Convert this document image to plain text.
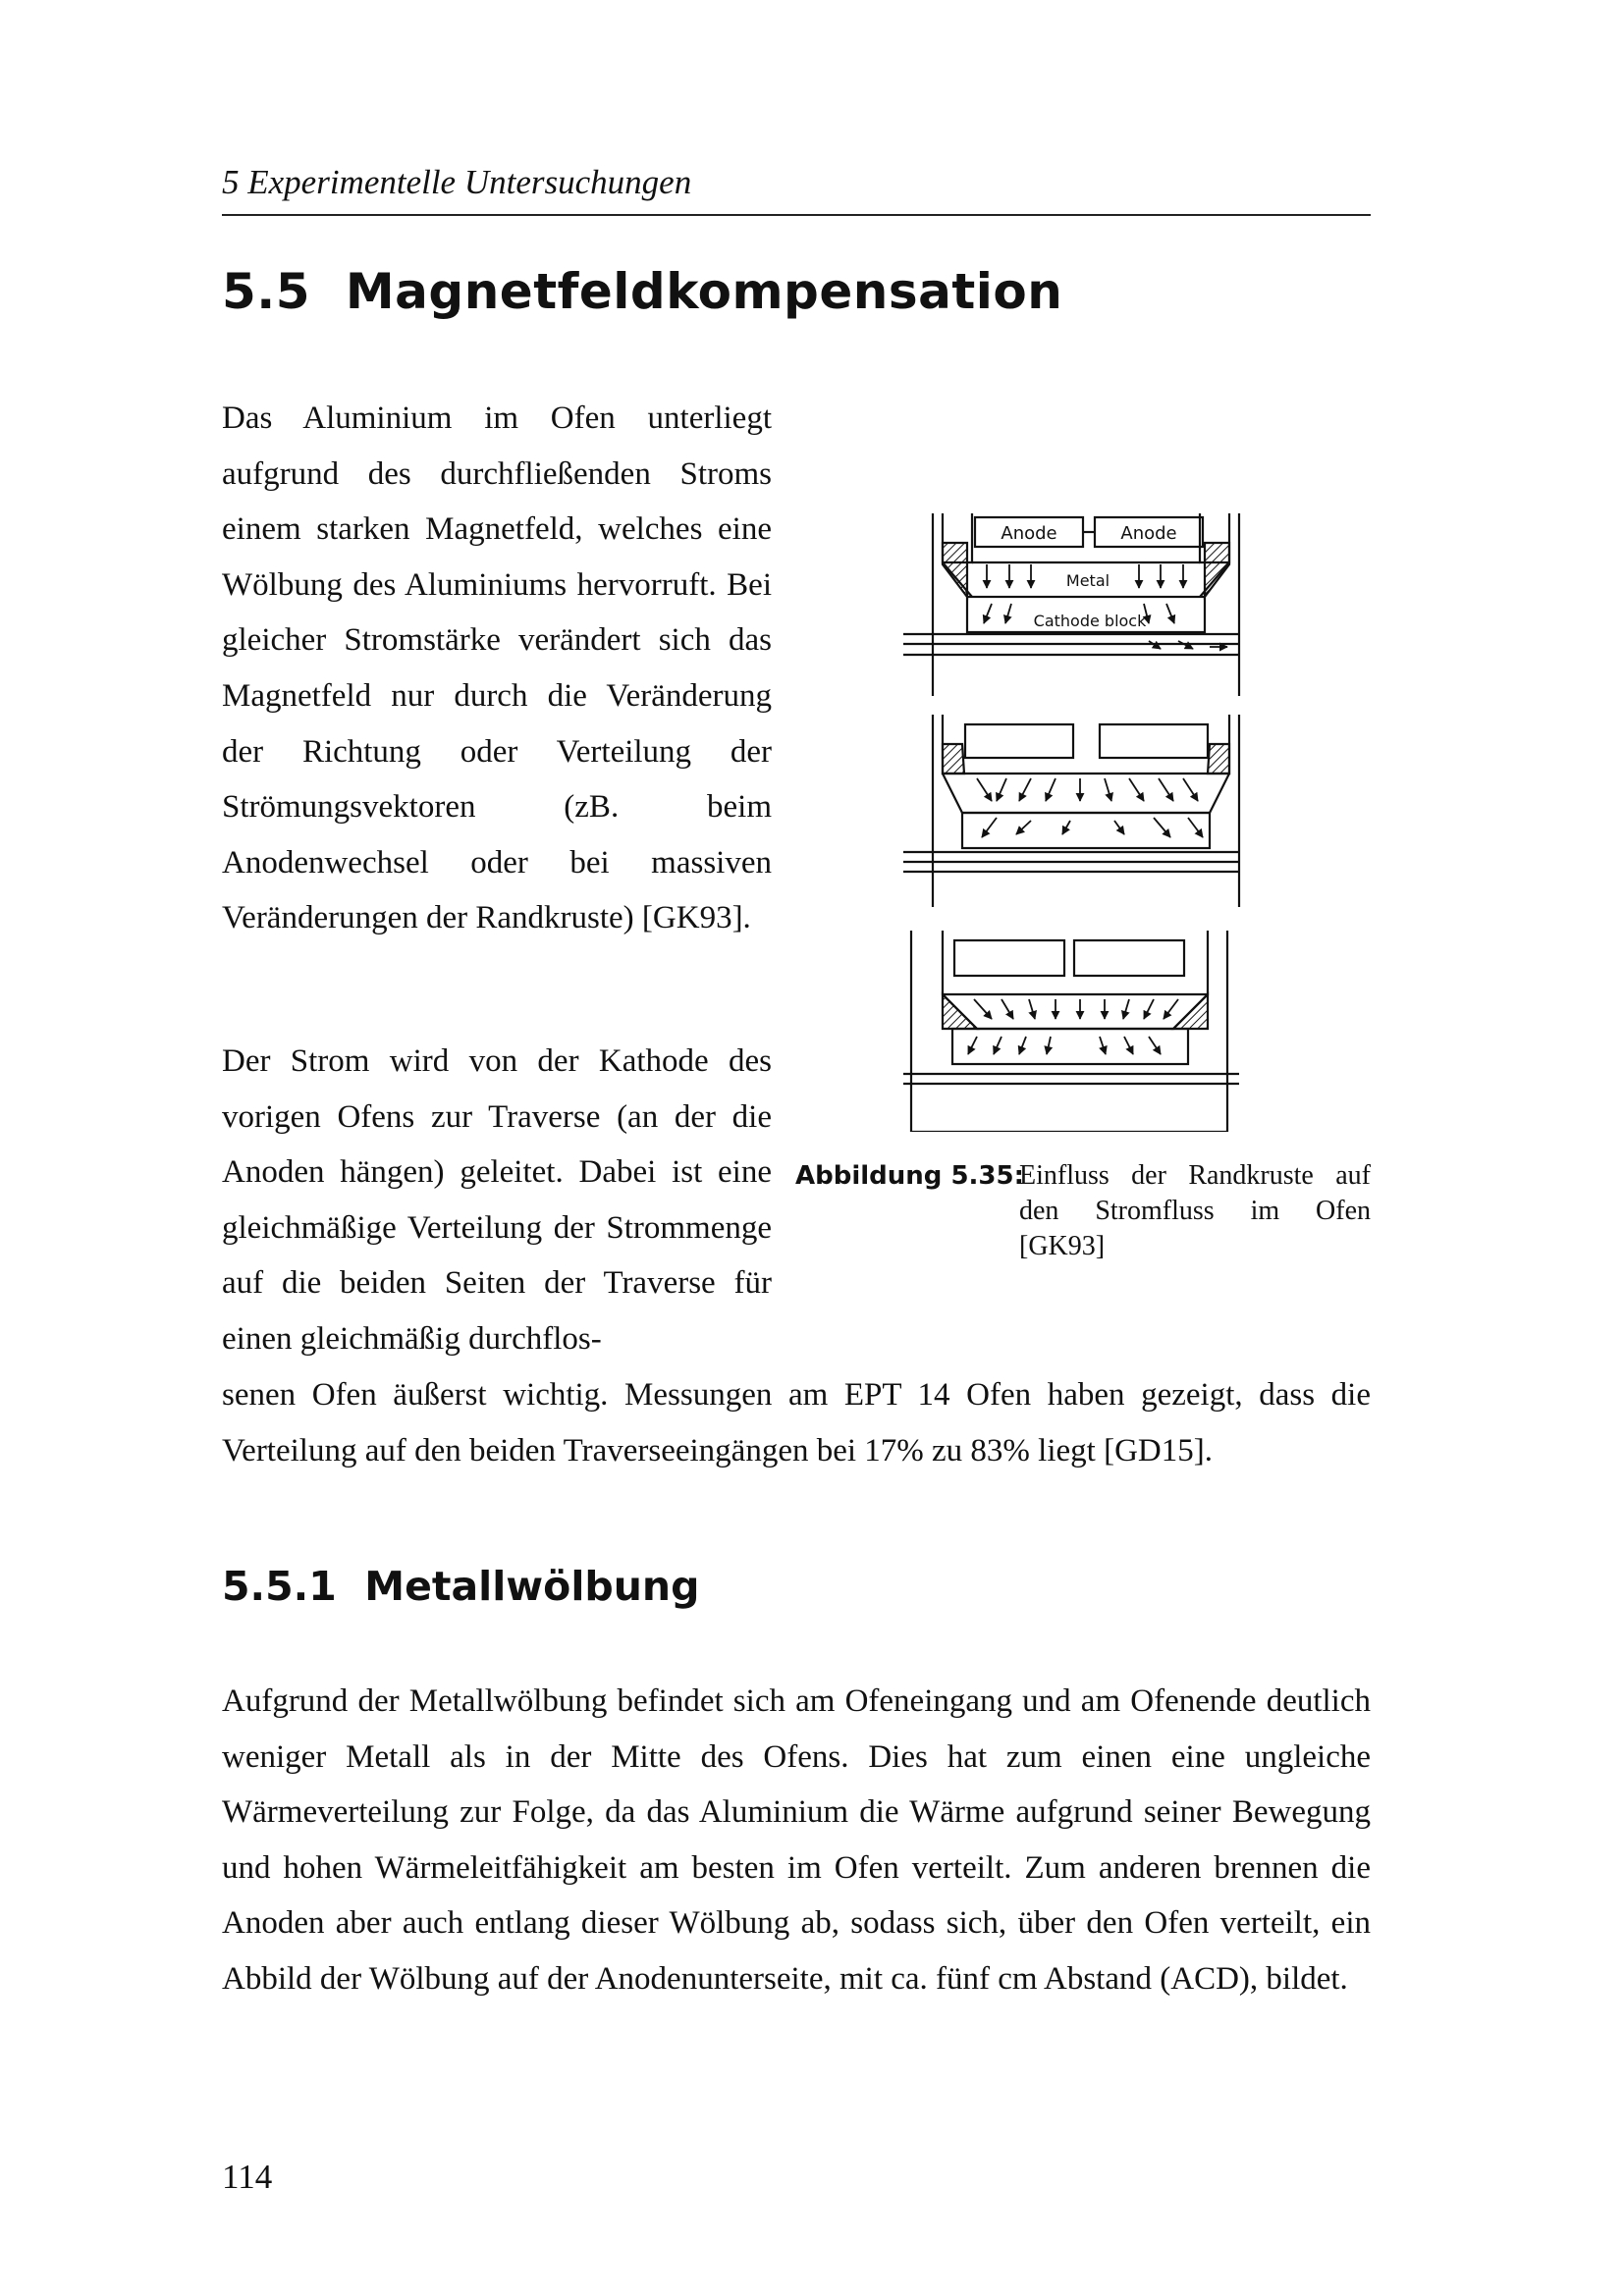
5 Experimentelle Untersuchungen
5.5 Magnetfeldkompensation

Das Aluminium im Ofen unterliegt aufgrund des durchfließenden Stroms einem starken Magnetfeld, welches eine Wölbung des Aluminiums hervorruft. Bei gleicher Stromstärke verändert sich das Magnetfeld nur durch die Veränderung der Richtung oder Verteilung der Strömungsvektoren (zB. beim Anodenwechsel oder bei massiven Veränderungen der Randkruste) [GK93].

Der Strom wird von der Kathode des vorigen Ofens zur Traverse (an der die Anoden hängen) geleitet. Dabei ist eine gleichmäßige Verteilung der Strommenge auf die beiden Seiten der Traverse für einen gleichmäßig durchflos-

senen Ofen äußerst wichtig. Messungen am EPT 14 Ofen haben gezeigt, dass die Verteilung auf den beiden Traverseeingängen bei 17% zu 83% liegt [GD15].

Anode	Anode
Metal
Cathode block
Abbildung 5.35:
Einfluss der Randkruste auf den Stromfluss im Ofen [GK93]
5.5.1 Metallwölbung

Aufgrund der Metallwölbung befindet sich am Ofeneingang und am Ofenende deutlich weniger Metall als in der Mitte des Ofens. Dies hat zum einen eine ungleiche Wärmeverteilung zur Folge, da das Aluminium die Wärme aufgrund seiner Bewegung und hohen Wärmeleitfähigkeit am besten im Ofen verteilt. Zum anderen brennen die Anoden aber auch entlang dieser Wölbung ab, sodass sich, über den Ofen verteilt, ein Abbild der Wölbung auf der Anodenunterseite, mit ca. fünf cm Abstand (ACD), bildet.

114
